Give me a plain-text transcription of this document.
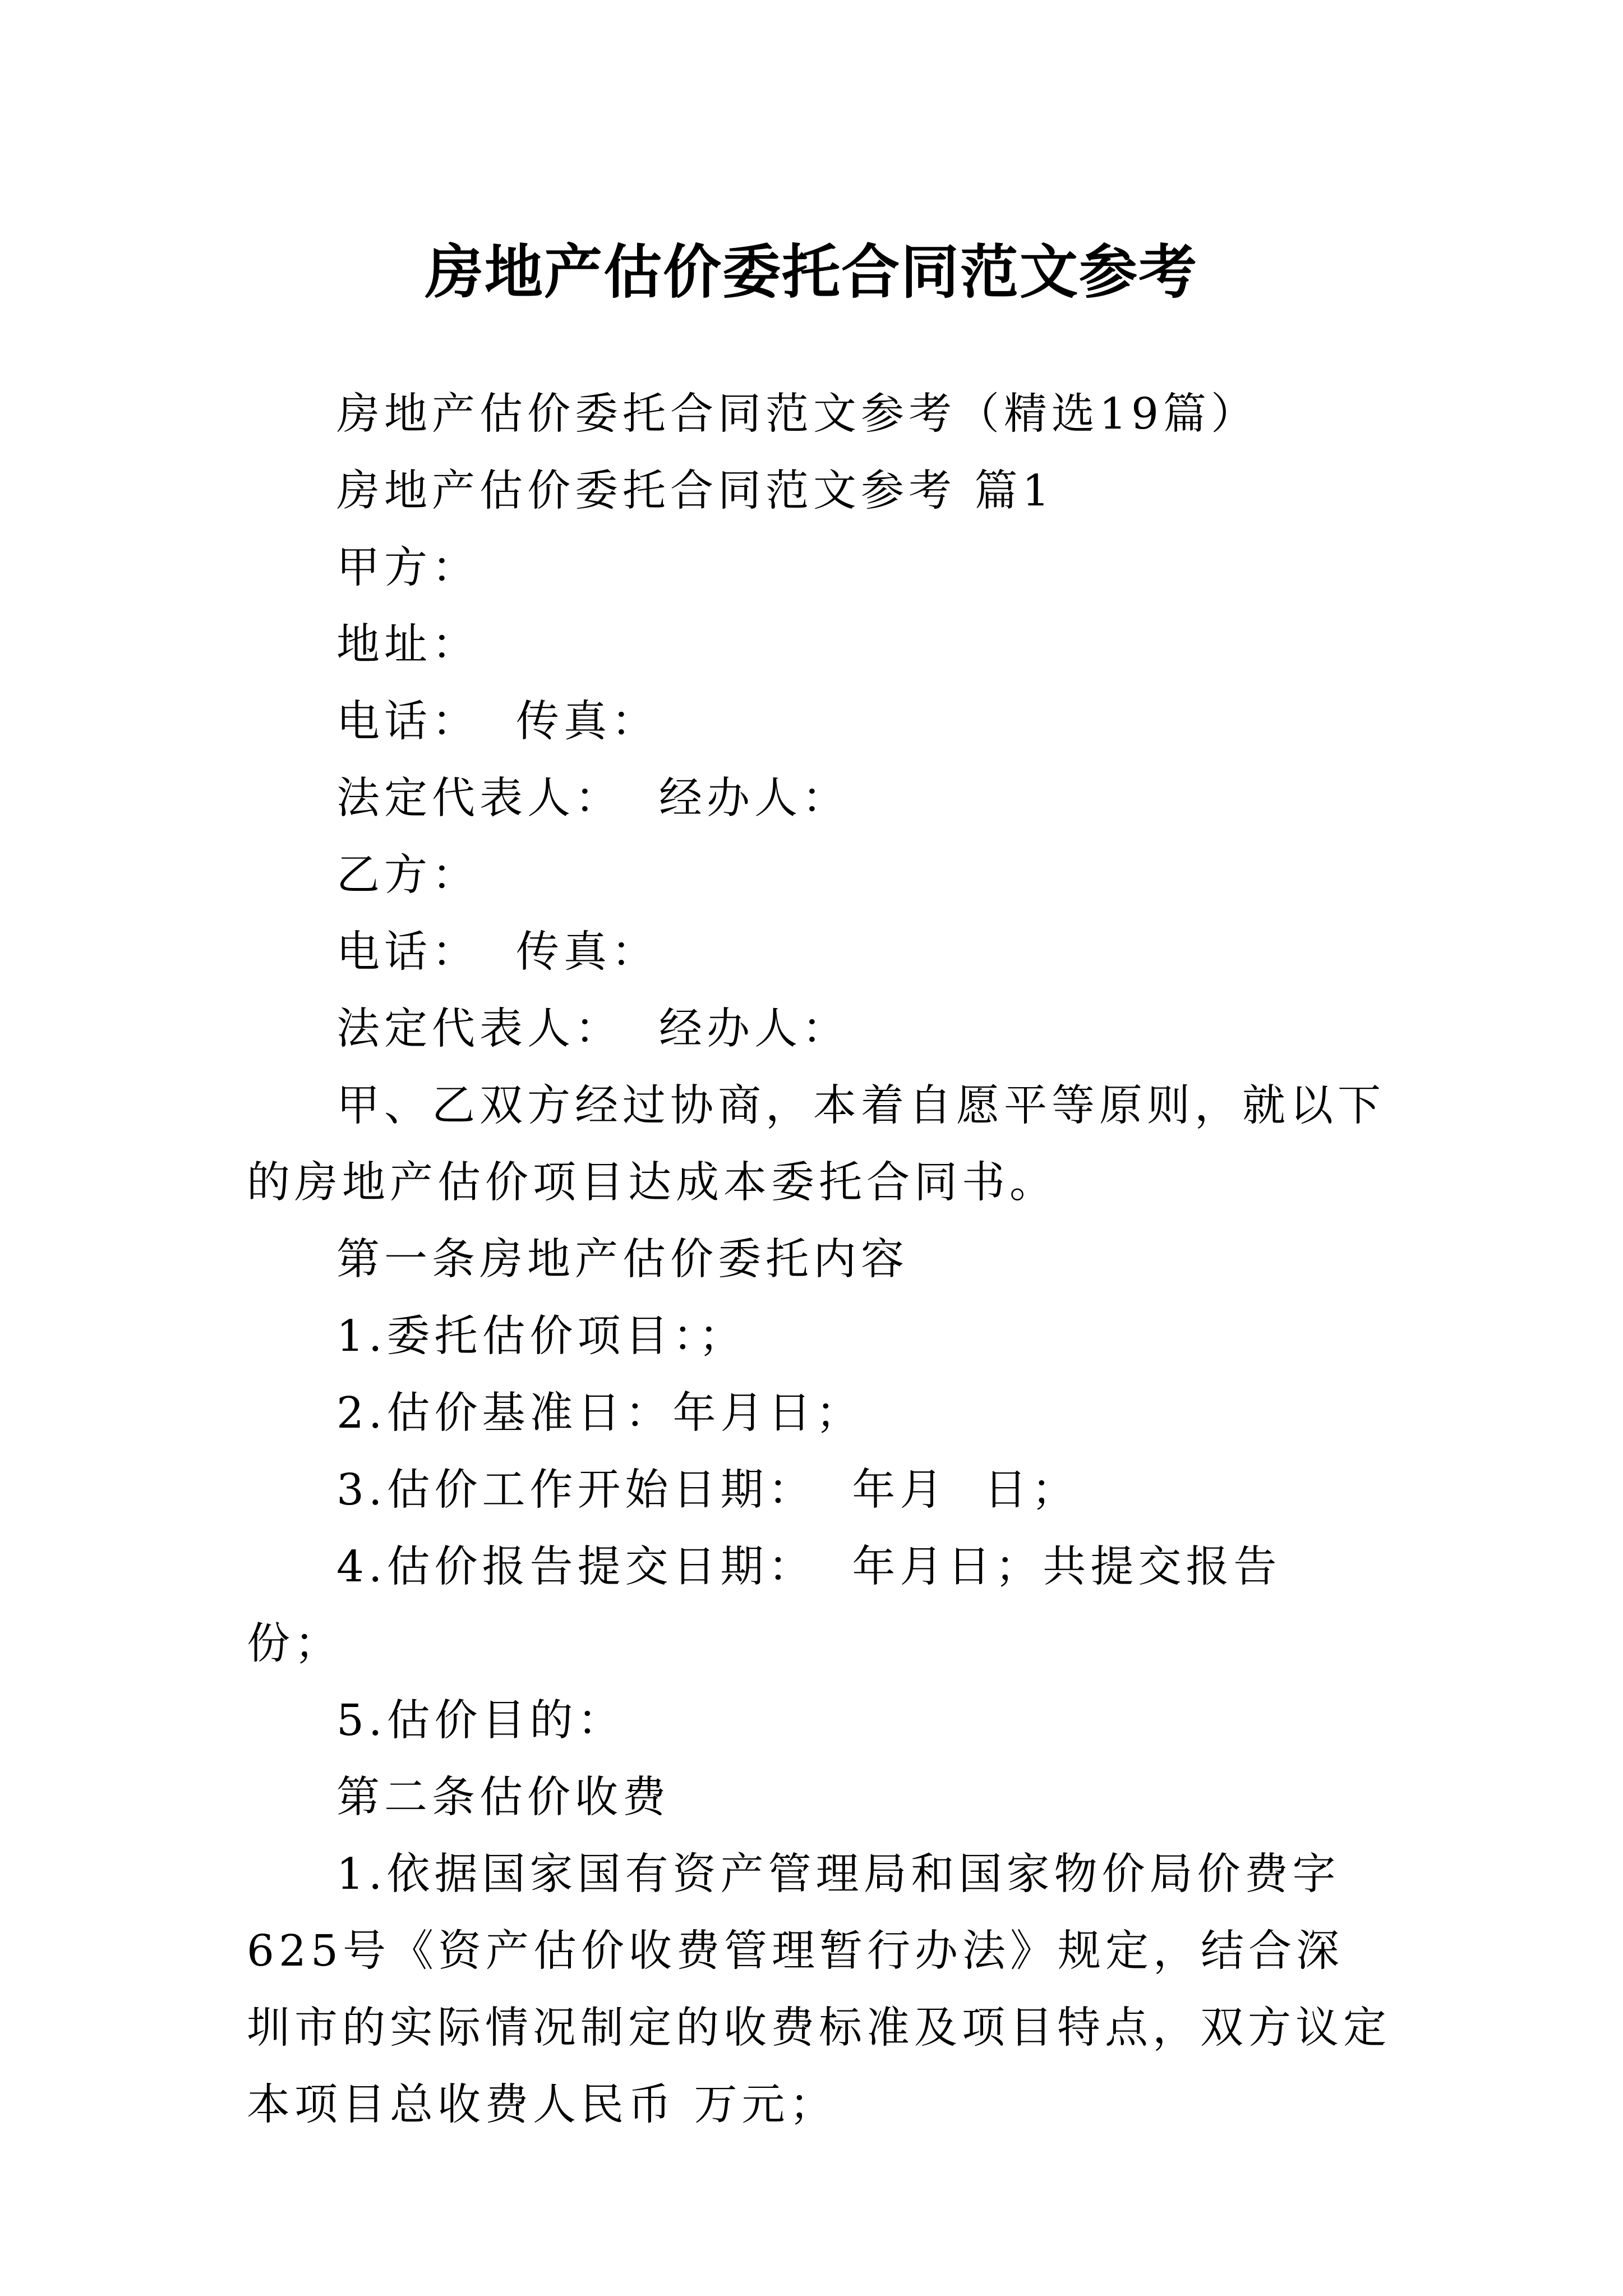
房地产估价委托合同范文参考

房地产估价委托合同范文参考（精选19篇）

房地产估价委托合同范文参考 篇1

甲方：

地址：

电话：  传真：

法定代表人：  经办人：

乙方：

电话：  传真：

法定代表人：  经办人：

甲、乙双方经过协商，本着自愿平等原则，就以下的房地产估价项目达成本委托合同书。

第一条房地产估价委托内容

1.委托估价项目：；

2.估价基准日：年月日；

3.估价工作开始日期：  年月  日；

4.估价报告提交日期：  年月日；共提交报告 份；

5.估价目的：

第二条估价收费

1.依据国家国有资产管理局和国家物价局价费字625号《资产估价收费管理暂行办法》规定，结合深圳市的实际情况制定的收费标准及项目特点，双方议定本项目总收费人民币 万元；
